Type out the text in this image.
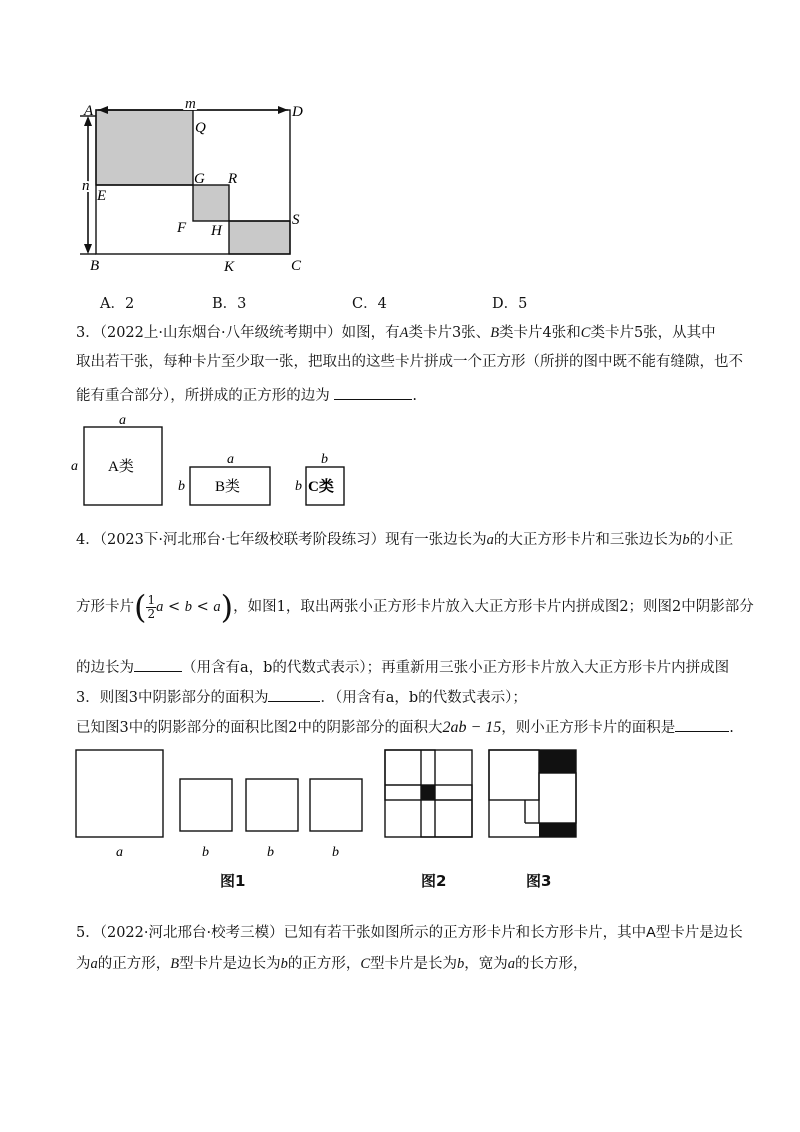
A	m	D
Q
n	G R
E
F H
S
B	K	C
A．2	B．3	C．4	D．5
3．（2022上·山东烟台·八年级统考期中）如图，有A类卡片3张、B类卡片4张和C类卡片5张，从其中
取出若干张，每种卡片至少取一张，把取出的这些卡片拼成一个正方形（所拼的图中既不能有缝隙，也不
能有重合部分），所拼成的正方形的边为	.
a
a A类	a
b B类
b
b C类
4．（2023下·河北邢台·七年级校联考阶段练习）现有一张边长为a的大正方形卡片和三张边长为b的小正
方形卡片( $\frac{1}{2}$ a < b < a)，如图1，取出两张小正方形卡片放入大正方形卡片内拼成图2；则图2中阴影部分
的边长为	（用含有a，b的代数式表示）；再重新用三张小正方形卡片放入大正方形卡片内拼成图
3．则图3中阴影部分的面积为	．（用含有a，b的代数式表示）；
已知图3中的阴影部分的面积比图2中的阴影部分的面积大2ab − 15，则小正方形卡片的面积是	.
a	b	b	b
图1	图2	图3
5．（2022·河北邢台·校考三模）已知有若干张如图所示的正方形卡片和长方形卡片，其中A型卡片是边长
为a的正方形，B型卡片是边长为b的正方形，C型卡片是长为b，宽为a的长方形，
